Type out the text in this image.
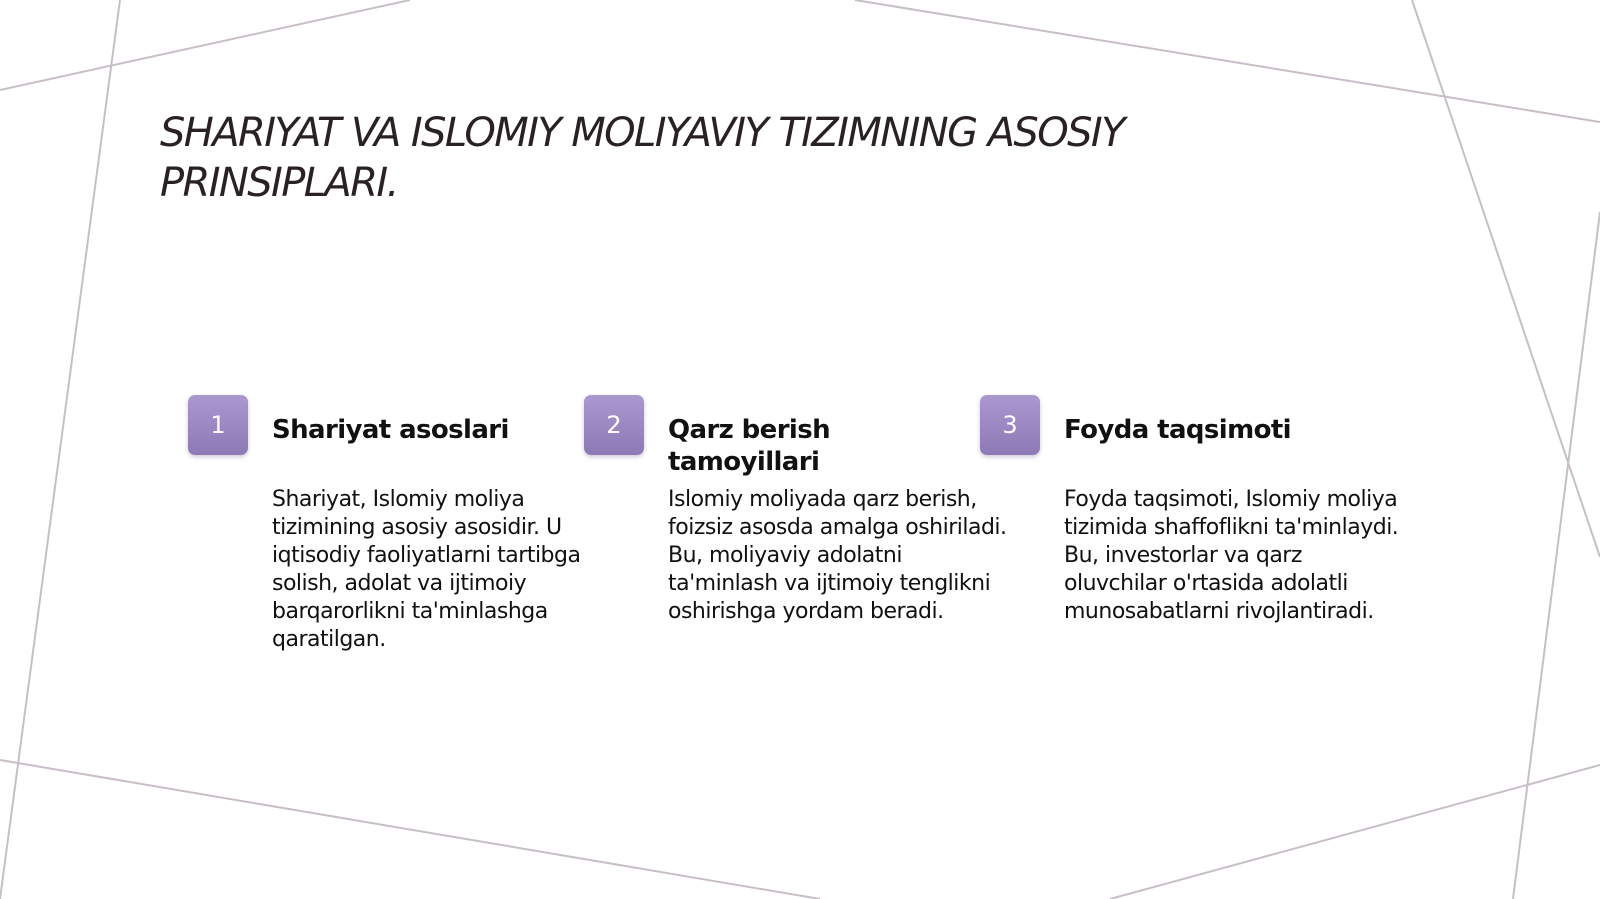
SHARIYAT VA ISLOMIY MOLIYAVIY TIZIMNING ASOSIY PRINSIPLARI.
1	Shariyat asoslari

Shariyat, Islomiy moliya tizimining asosiy asosidir. U iqtisodiy faoliyatlarni tartibga solish, adolat va ijtimoiy barqarorlikni ta'minlashga qaratilgan.

2	Qarz berish tamoyillari

Islomiy moliyada qarz berish, foizsiz asosda amalga oshiriladi. Bu, moliyaviy adolatni ta'minlash va ijtimoiy tenglikni oshirishga yordam beradi.

3	Foyda taqsimoti

Foyda taqsimoti, Islomiy moliya tizimida shaffoflikni ta'minlaydi. Bu, investorlar va qarz oluvchilar o'rtasida adolatli munosabatlarni rivojlantiradi.
